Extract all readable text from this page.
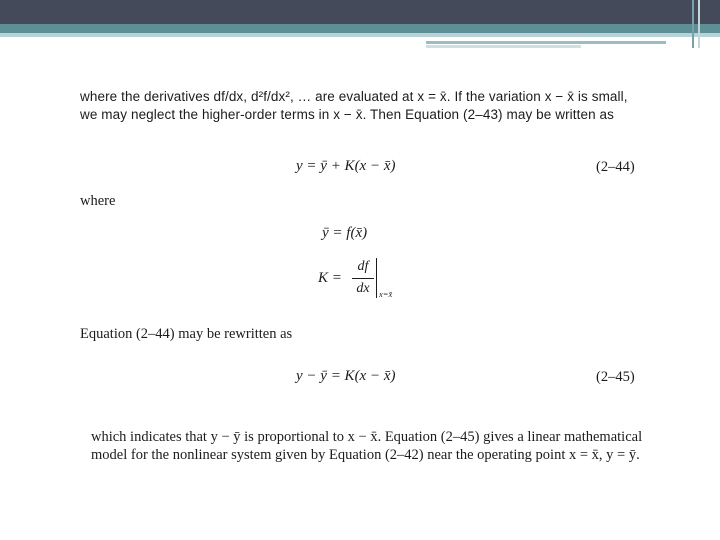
where the derivatives df/dx, d²f/dx², … are evaluated at x = x̄. If the variation x − x̄ is small, we may neglect the higher-order terms in x − x̄. Then Equation (2–43) may be written as

y = ȳ + K(x − x̄)	(2–44)

where

ȳ = f(x̄)
K =
df
dx	x=x̄

Equation (2–44) may be rewritten as

y − ȳ = K(x − x̄)	(2–45)

which indicates that y − ȳ is proportional to x − x̄. Equation (2–45) gives a linear mathematical model for the nonlinear system given by Equation (2–42) near the operating point x = x̄, y = ȳ.
